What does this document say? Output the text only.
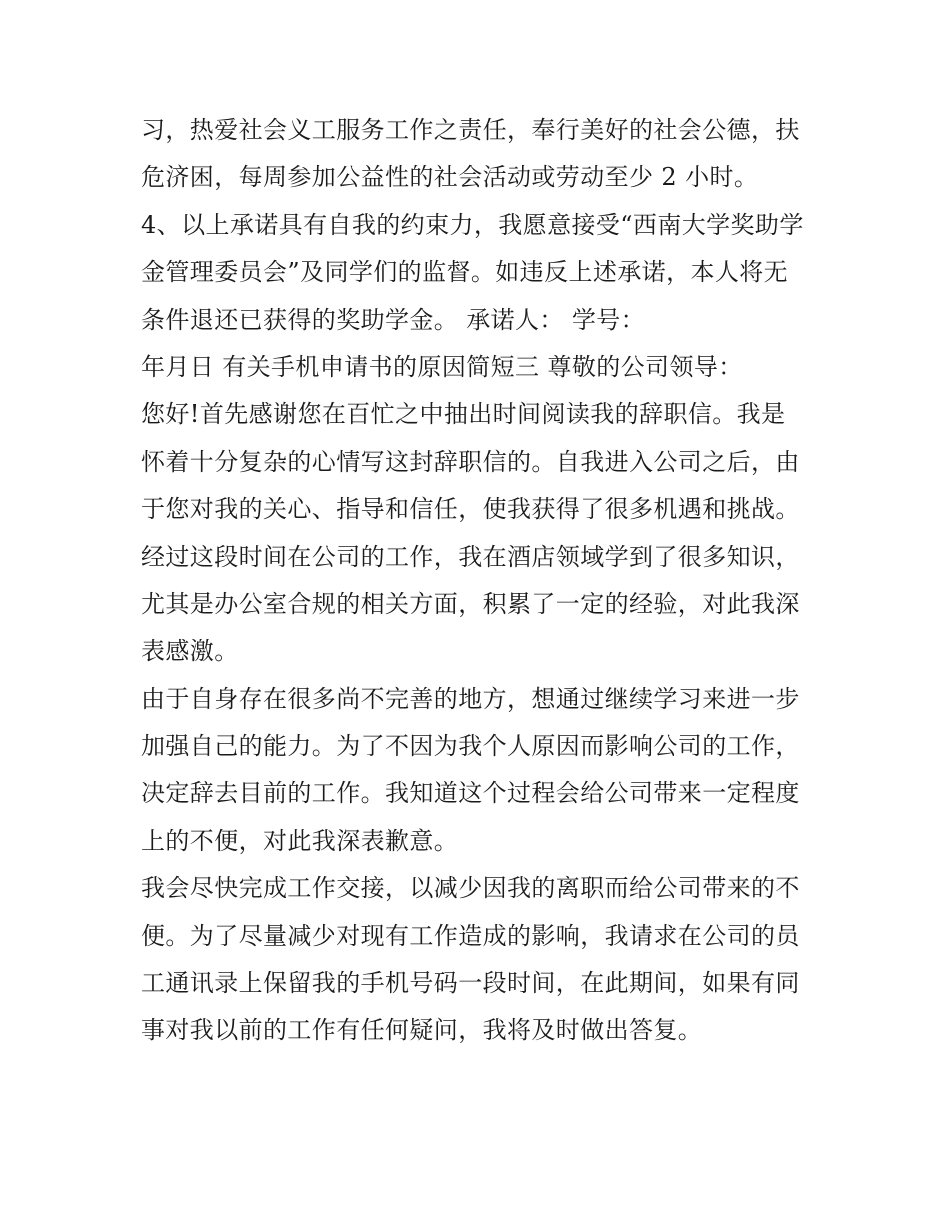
习，热爱社会义工服务工作之责任，奉行美好的社会公德，扶
危济困，每周参加公益性的社会活动或劳动至少 2 小时。
4、以上承诺具有自我的约束力，我愿意接受“西南大学奖助学
金管理委员会”及同学们的监督。如违反上述承诺，本人将无
条件退还已获得的奖助学金。 承诺人： 学号：
年月日 有关手机申请书的原因简短三 尊敬的公司领导：
您好!首先感谢您在百忙之中抽出时间阅读我的辞职信。我是
怀着十分复杂的心情写这封辞职信的。自我进入公司之后，由
于您对我的关心、指导和信任，使我获得了很多机遇和挑战。
经过这段时间在公司的工作，我在酒店领域学到了很多知识，
尤其是办公室合规的相关方面，积累了一定的经验，对此我深
表感激。
由于自身存在很多尚不完善的地方，想通过继续学习来进一步
加强自己的能力。为了不因为我个人原因而影响公司的工作，
决定辞去目前的工作。我知道这个过程会给公司带来一定程度
上的不便，对此我深表歉意。
我会尽快完成工作交接，以减少因我的离职而给公司带来的不
便。为了尽量减少对现有工作造成的影响，我请求在公司的员
工通讯录上保留我的手机号码一段时间，在此期间，如果有同
事对我以前的工作有任何疑问，我将及时做出答复。
